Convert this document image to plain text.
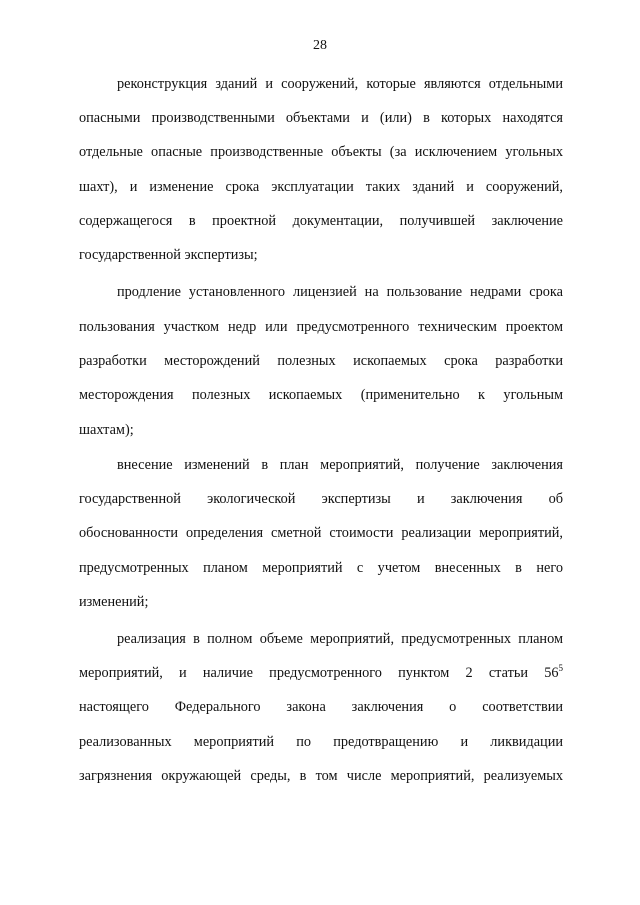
28
реконструкция зданий и сооружений, которые являются отдельными
опасными производственными объектами и (или) в которых находятся
отдельные опасные производственные объекты (за исключением угольных
шахт), и изменение срока эксплуатации таких зданий и сооружений,
содержащегося в проектной документации, получившей заключение
государственной экспертизы;
продление установленного лицензией на пользование недрами срока
пользования участком недр или предусмотренного техническим проектом
разработки месторождений полезных ископаемых срока разработки
месторождения полезных ископаемых (применительно к угольным
шахтам);
внесение изменений в план мероприятий, получение заключения
государственной экологической экспертизы и заключения об
обоснованности определения сметной стоимости реализации мероприятий,
предусмотренных планом мероприятий с учетом внесенных в него
изменений;
реализация в полном объеме мероприятий, предусмотренных планом
мероприятий, и наличие предусмотренного пунктом 2 статьи $56^5$
настоящего Федерального закона заключения о соответствии
реализованных мероприятий по предотвращению и ликвидации
загрязнения окружающей среды, в том числе мероприятий, реализуемых
